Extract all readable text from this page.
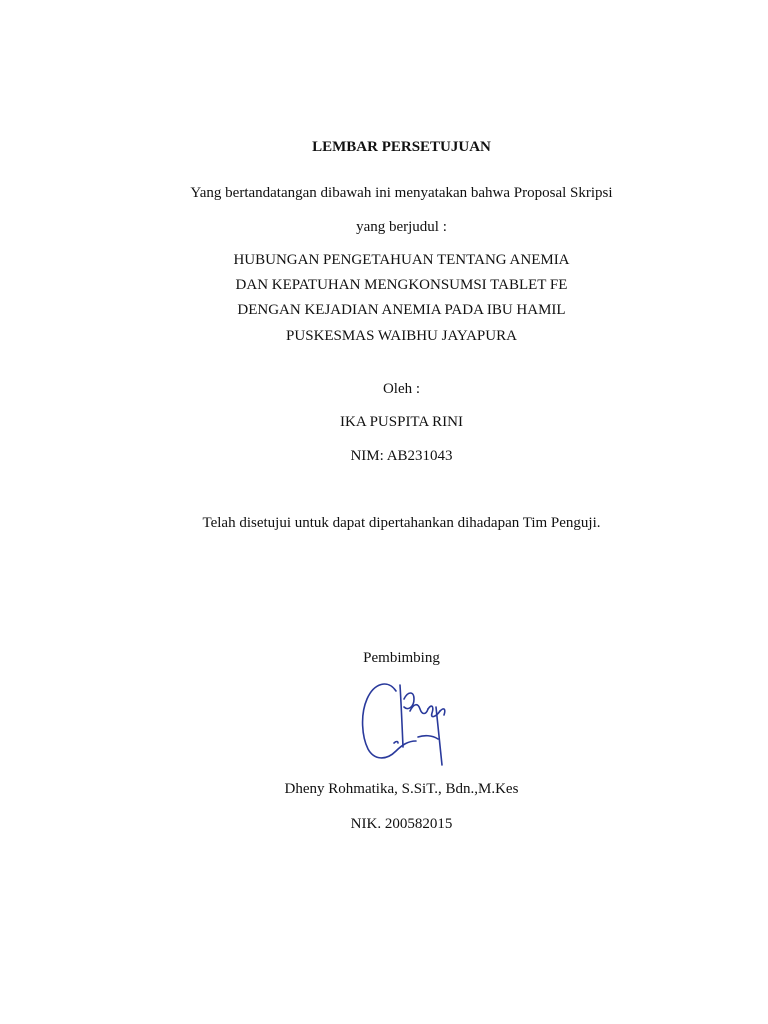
LEMBAR PERSETUJUAN
Yang bertandatangan dibawah ini menyatakan bahwa Proposal Skripsi
yang berjudul :
HUBUNGAN PENGETAHUAN TENTANG ANEMIA
DAN KEPATUHAN MENGKONSUMSI TABLET FE
DENGAN KEJADIAN ANEMIA PADA IBU HAMIL
PUSKESMAS WAIBHU JAYAPURA
Oleh :
IKA PUSPITA RINI
NIM: AB231043
Telah disetujui untuk dapat dipertahankan dihadapan Tim Penguji.
Pembimbing
Dheny Rohmatika, S.SiT., Bdn.,M.Kes
NIK. 200582015
